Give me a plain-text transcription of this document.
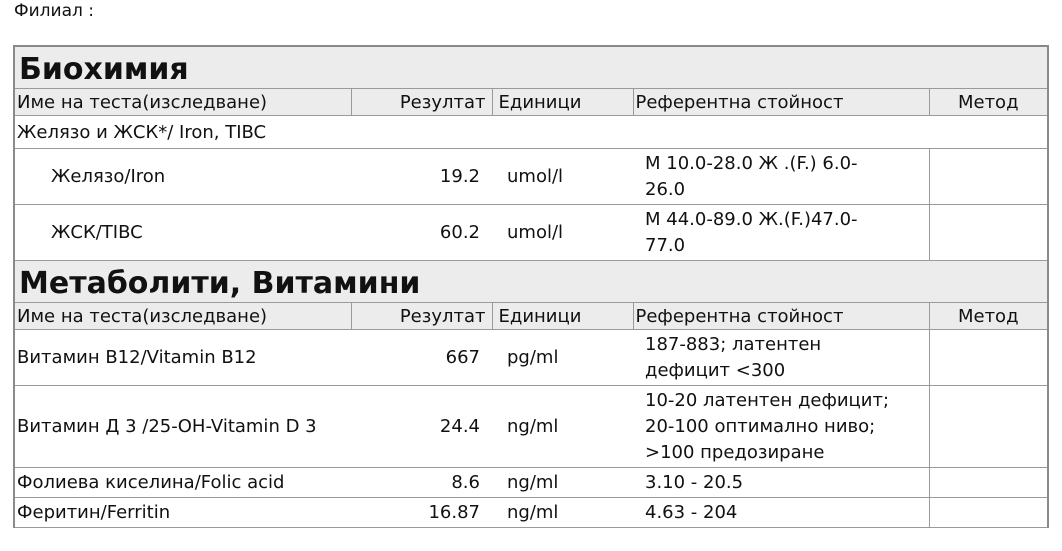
Филиал :
Биохимия
Име на теста(изследване)	Резултат	Единици	Референтна стойност	Метод
Желязо и ЖСК*/ Iron, TIBC				
Желязо/Iron	19.2	umol/l	М 10.0-28.0 Ж .(F.) 6.0-
26.0	

ЖСК/TIBC	60.2	umol/l	М 44.0-89.0 Ж.(F.)47.0-
77.0	

Метаболити, Витамини
Име на теста(изследване)	Резултат	Единици	Референтна стойност	Метод
Витамин B12/Vitamin B12	667	pg/ml	187-883; латентен
дефицит <300	

Витамин Д 3 /25-OH-Vitamin D 3	24.4	ng/ml	10-20 латентен дефицит;
20-100 оптимално ниво;
>100 предозиране	

Фолиева киселина/Folic acid	8.6	ng/ml	3.10 - 20.5	

Феритин/Ferritin	16.87	ng/ml	4.63 - 204	
